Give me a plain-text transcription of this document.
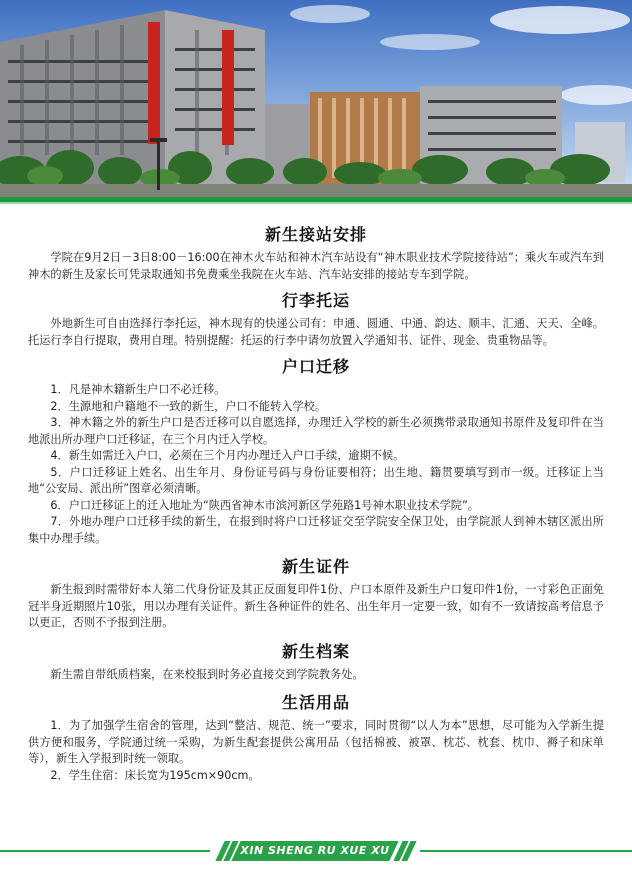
新生接站安排

学院在9月2日－3日8:00－16:00在神木火车站和神木汽车站设有“神木职业技术学院接待站”；乘火车或汽车到神木的新生及家长可凭录取通知书免费乘坐我院在火车站、汽车站安排的接站专车到学院。

行李托运

外地新生可自由选择行李托运，神木现有的快递公司有：申通、圆通、中通、韵达、顺丰、汇通、天天、全峰。托运行李自行提取，费用自理。特别提醒：托运的行李中请勿放置入学通知书、证件、现金、贵重物品等。

户口迁移

1．凡是神木籍新生户口不必迁移。

2．生源地和户籍地不一致的新生，户口不能转入学校。

3．神木籍之外的新生户口是否迁移可以自愿选择，办理迁入学校的新生必须携带录取通知书原件及复印件在当地派出所办理户口迁移证，在三个月内迁入学校。

4．新生如需迁入户口，必须在三个月内办理迁入户口手续，逾期不候。

5．户口迁移证上姓名、出生年月、身份证号码与身份证要相符；出生地、籍贯要填写到市一级。迁移证上当地“公安局、派出所”图章必须清晰。

6．户口迁移证上的迁入地址为“陕西省神木市滨河新区学苑路1号神木职业技术学院”。

7．外地办理户口迁移手续的新生，在报到时将户口迁移证交至学院安全保卫处，由学院派人到神木辖区派出所集中办理手续。

新生证件

新生报到时需带好本人第二代身份证及其正反面复印件1份、户口本原件及新生户口复印件1份，一寸彩色正面免冠半身近期照片10张，用以办理有关证件。新生各种证件的姓名、出生年月一定要一致，如有不一致请按高考信息予以更正，否则不予报到注册。

新生档案

新生需自带纸质档案，在来校报到时务必直接交到学院教务处。

生活用品

1．为了加强学生宿舍的管理，达到“整洁、规范、统一”要求，同时贯彻“以人为本”思想，尽可能为入学新生提供方便和服务，学院通过统一采购，为新生配套提供公寓用品（包括棉被、被罩、枕芯、枕套、枕巾、褥子和床单等），新生入学报到时统一领取。

2．学生住宿：床长宽为195cm×90cm。

XIN SHENG RU XUE XU ZHI
